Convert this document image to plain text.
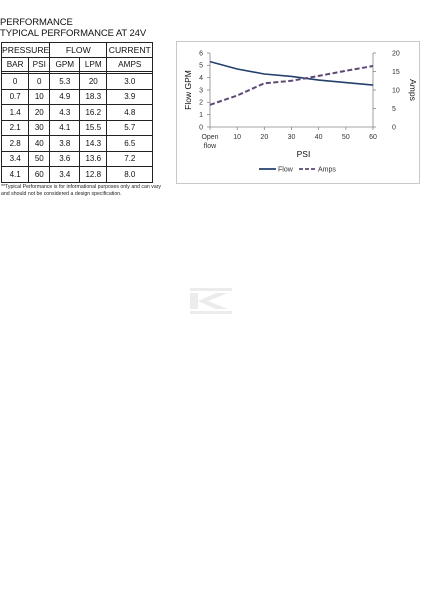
PERFORMANCE
TYPICAL PERFORMANCE AT 24V
PRESSURE		FLOW		CURRENT
BAR	PSI	GPM	LPM	AMPS

0	0	5.3	20	3.0
0.7	10	4.9	18.3	3.9
1.4	20	4.3	16.2	4.8
2.1	30	4.1	15.5	5.7
2.8	40	3.8	14.3	6.5
3.4	50	3.6	13.6	7.2
4.1	60	3.4	12.8	8.0
**Typical Performance is for informational purposes only and can vary and should not be considered a design specification.
0
1
2
3
4
5
6
0
5
10
15
20
Open
flow
10	20	30	40	50	60
PSI
Flow GPM	Amps
Flow	Amps
